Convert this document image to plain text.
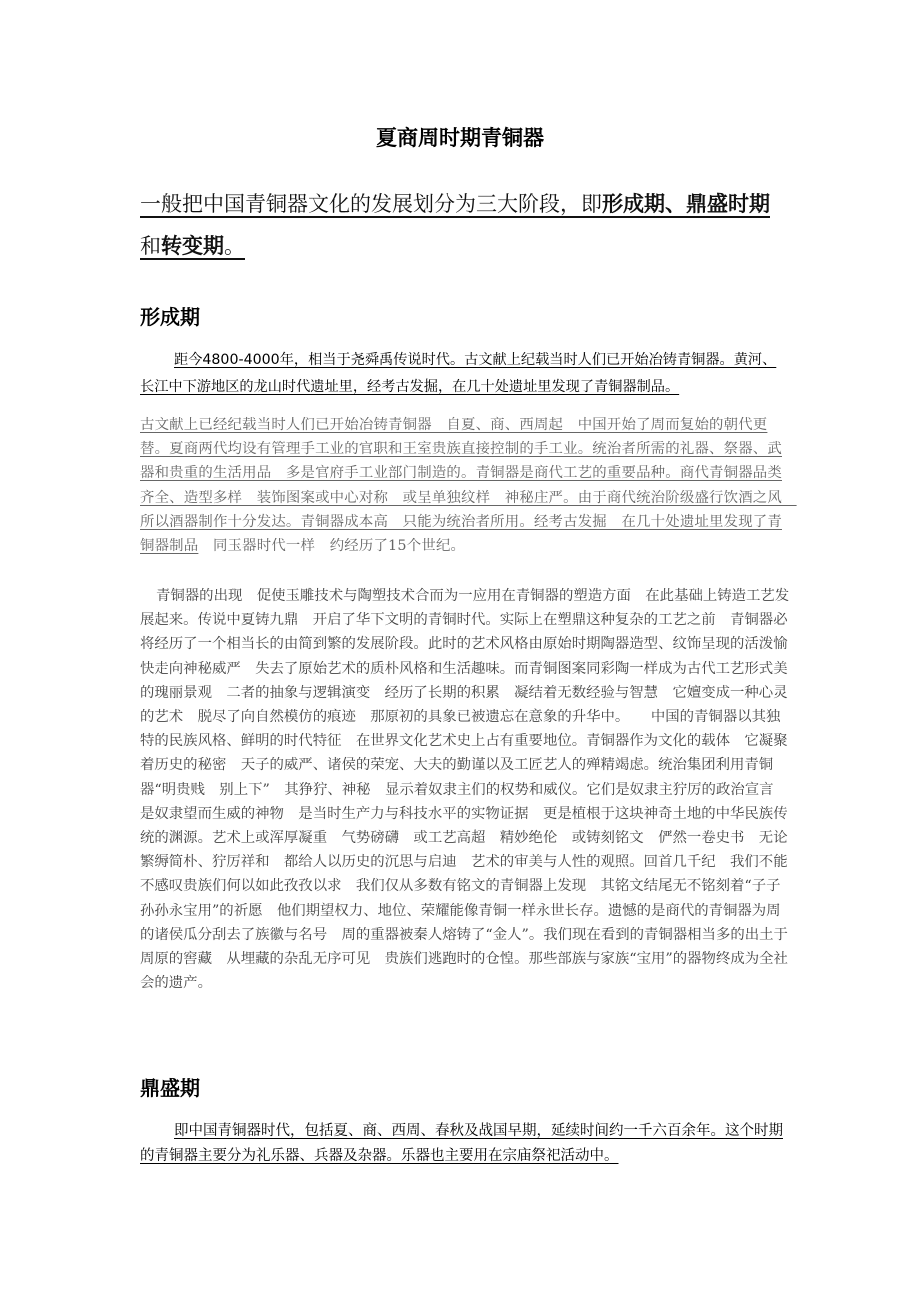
夏商周时期青铜器
一般把中国青铜器文化的发展划分为三大阶段，即形成期、鼎盛时期
和转变期。
形成期
距今4800-4000年，相当于尧舜禹传说时代。古文献上纪载当时人们已开始冶铸青铜器。黄河、长江中下游地区的龙山时代遗址里，经考古发掘，在几十处遗址里发现了青铜器制品。
古文献上已经纪载当时人们已开始冶铸青铜器　自夏、商、西周起　中国开始了周而复始的朝代更替。夏商两代均设有管理手工业的官职和王室贵族直接控制的手工业。统治者所需的礼器、祭器、武器和贵重的生活用品　多是官府手工业部门制造的。青铜器是商代工艺的重要品种。商代青铜器品类齐全、造型多样　装饰图案或中心对称　或呈单独纹样　神秘庄严。由于商代统治阶级盛行饮酒之风　所以酒器制作十分发达。青铜器成本高　只能为统治者所用。经考古发掘　在几十处遗址里发现了青铜器制品　同玉器时代一样　约经历了15个世纪。
青铜器的出现　促使玉雕技术与陶塑技术合而为一应用在青铜器的塑造方面　在此基础上铸造工艺发展起来。传说中夏铸九鼎　开启了华下文明的青铜时代。实际上在塑鼎这种复杂的工艺之前　青铜器必将经历了一个相当长的由简到繁的发展阶段。此时的艺术风格由原始时期陶器造型、纹饰呈现的活泼愉快走向神秘威严　失去了原始艺术的质朴风格和生活趣味。而青铜图案同彩陶一样成为古代工艺形式美的瑰丽景观　二者的抽象与逻辑演变　经历了长期的积累　凝结着无数经验与智慧　它嬗变成一种心灵的艺术　脱尽了向自然模仿的痕迹　那原初的具象已被遗忘在意象的升华中。　　中国的青铜器以其独特的民族风格、鲜明的时代特征　在世界文化艺术史上占有重要地位。青铜器作为文化的载体　它凝聚着历史的秘密　天子的威严、诸侯的荣宠、大夫的勤谨以及工匠艺人的殚精竭虑。统治集团利用青铜器“明贵贱　别上下”　其狰狞、神秘　显示着奴隶主们的权势和威仪。它们是奴隶主狞厉的政治宣言　是奴隶望而生威的神物　是当时生产力与科技水平的实物证据　更是植根于这块神奇土地的中华民族传统的渊源。艺术上或浑厚凝重　气势磅礴　或工艺高超　精妙绝伦　或铸刻铭文　俨然一卷史书　无论繁缛简朴、狞厉祥和　都给人以历史的沉思与启迪　艺术的审美与人性的观照。回首几千纪　我们不能不感叹贵族们何以如此孜孜以求　我们仅从多数有铭文的青铜器上发现　其铭文结尾无不铭刻着“子子孙孙永宝用”的祈愿　他们期望权力、地位、荣耀能像青铜一样永世长存。遗憾的是商代的青铜器为周的诸侯瓜分刮去了族徽与名号　周的重器被秦人熔铸了“金人”。我们现在看到的青铜器相当多的出土于周原的窖藏　从埋藏的杂乱无序可见　贵族们逃跑时的仓惶。那些部族与家族“宝用”的器物终成为全社会的遗产。
鼎盛期
即中国青铜器时代，包括夏、商、西周、春秋及战国早期，延续时间约一千六百余年。这个时期的青铜器主要分为礼乐器、兵器及杂器。乐器也主要用在宗庙祭祀活动中。
